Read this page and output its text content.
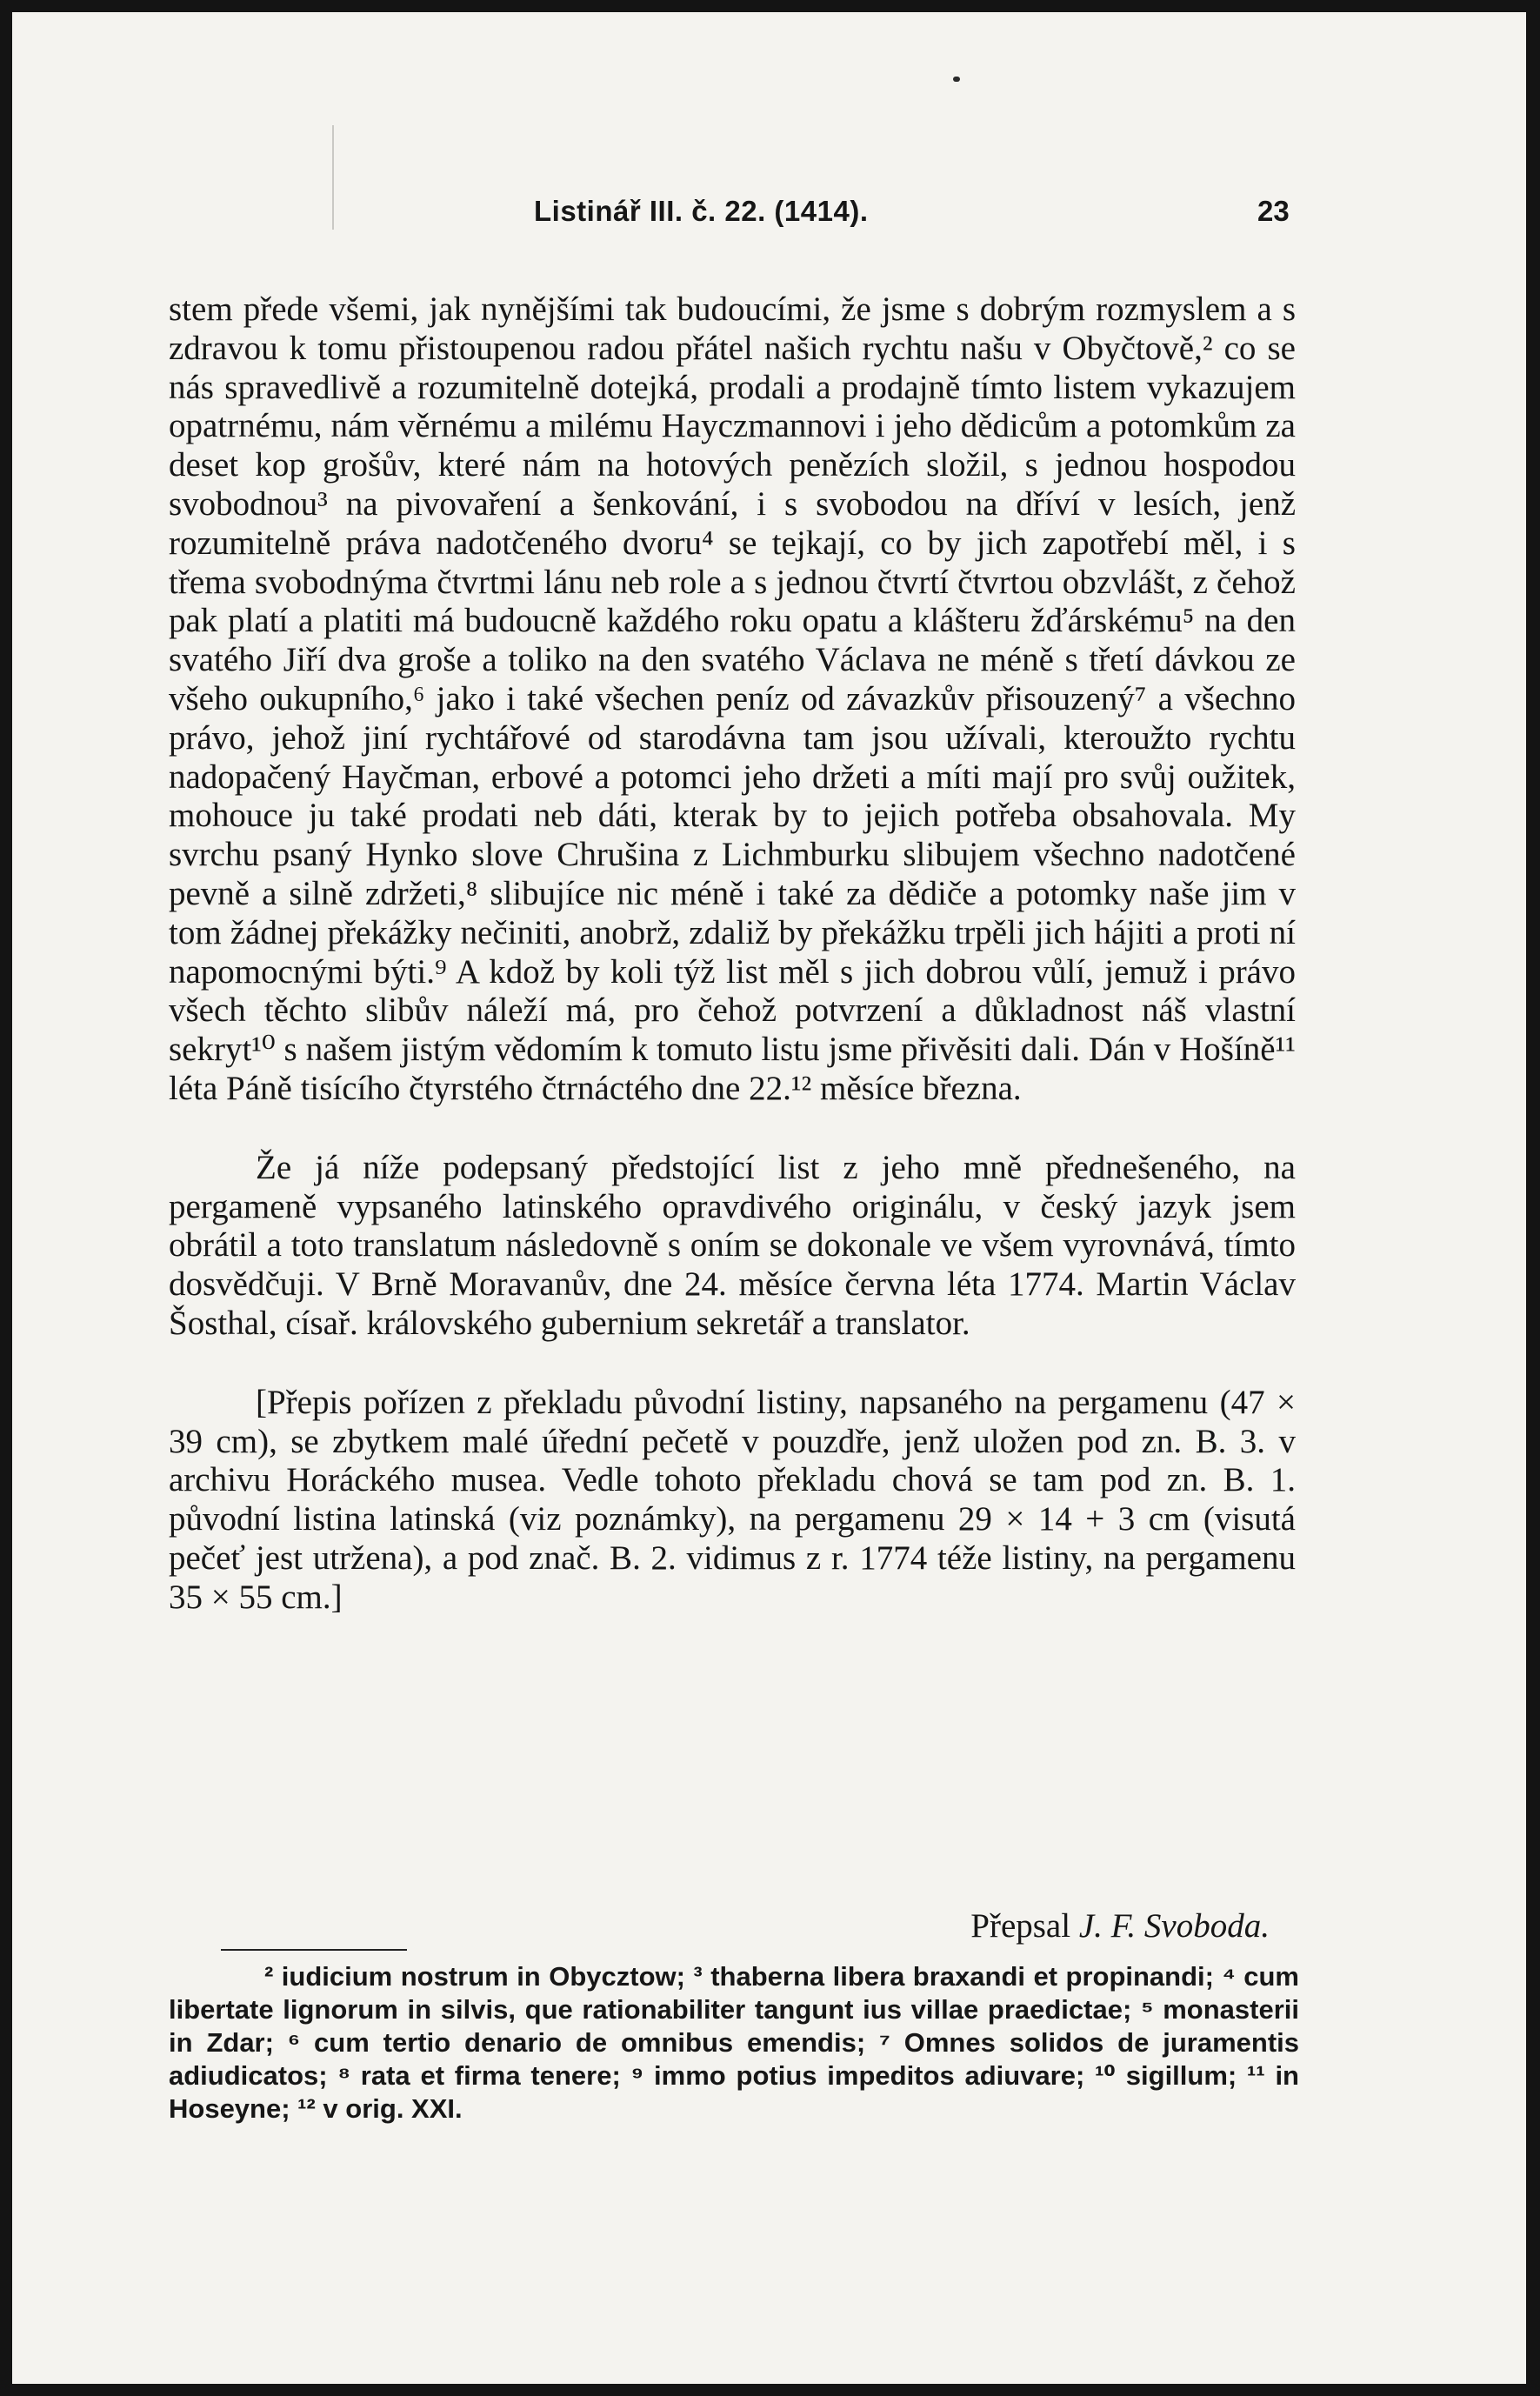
Listinář III. č. 22. (1414).	23

stem přede všemi, jak nynějšími tak budoucími, že jsme s dobrým rozmyslem a s zdravou k tomu přistoupenou radou přátel našich rychtu našu v Obyčtově,² co se nás spravedlivě a rozumitelně dotejká, prodali a prodajně tímto listem vykazujem opatrnému, nám věrnému a milému Hayczmannovi i jeho dědicům a potomkům za deset kop grošův, které nám na hotových penězích složil, s jednou hospodou svobodnou³ na pivovaření a šenkování, i s svobodou na dříví v lesích, jenž rozumitelně práva nadotčeného dvoru⁴ se tejkají, co by jich zapotřebí měl, i s třema svobodnýma čtvrtmi lánu neb role a s jednou čtvrtí čtvrtou obzvlášt, z čehož pak platí a platiti má budoucně každého roku opatu a klášteru žďárskému⁵ na den svatého Jiří dva groše a toliko na den svatého Václava ne méně s třetí dávkou ze všeho oukupního,⁶ jako i také všechen peníz od závazkův přisouzený⁷ a všechno právo, jehož jiní rychtářové od starodávna tam jsou užívali, kteroužto rychtu nadopačený Hayčman, erbové a potomci jeho držeti a míti mají pro svůj oužitek, mohouce ju také prodati neb dáti, kterak by to jejich potřeba obsahovala. My svrchu psaný Hynko slove Chrušina z Lichmburku slibujem všechno nadotčené pevně a silně zdržeti,⁸ slibujíce nic méně i také za dědiče a potomky naše jim v tom žádnej překážky nečiniti, anobrž, zdaliž by překážku trpěli jich hájiti a proti ní napomocnými býti.⁹ A kdož by koli týž list měl s jich dobrou vůlí, jemuž i právo všech těchto slibův náleží má, pro čehož potvrzení a důkladnost náš vlastní sekryt¹⁰ s našem jistým vědomím k tomuto listu jsme přivěsiti dali. Dán v Hošíně¹¹ léta Páně tisícího čtyrstého čtrnáctého dne 22.¹² měsíce března.

Že já níže podepsaný předstojící list z jeho mně přednešeného, na pergameně vypsaného latinského opravdivého originálu, v český jazyk jsem obrátil a toto translatum následovně s oním se dokonale ve všem vyrovnává, tímto dosvědčuji. V Brně Moravanův, dne 24. měsíce června léta 1774. Martin Václav Šosthal, císař. královského gubernium sekretář a translator.

[Přepis pořízen z překladu původní listiny, napsaného na pergamenu (47 × 39 cm), se zbytkem malé úřední pečetě v pouzdře, jenž uložen pod zn. B. 3. v archivu Horáckého musea. Vedle tohoto překladu chová se tam pod zn. B. 1. původní listina latinská (viz poznámky), na pergamenu 29 × 14 + 3 cm (visutá pečeť jest utržena), a pod znač. B. 2. vidimus z r. 1774 téže listiny, na pergamenu 35 × 55 cm.]

Přepsal J. F. Svoboda.

² iudicium nostrum in Obycztow; ³ thaberna libera braxandi et propinandi; ⁴ cum libertate lignorum in silvis, que rationabiliter tangunt ius villae praedictae; ⁵ monasterii in Zdar; ⁶ cum tertio denario de omnibus emendis; ⁷ Omnes solidos de juramentis adiudicatos; ⁸ rata et firma tenere; ⁹ immo potius impeditos adiuvare; ¹⁰ sigillum; ¹¹ in Hoseyne; ¹² v orig. XXI.
